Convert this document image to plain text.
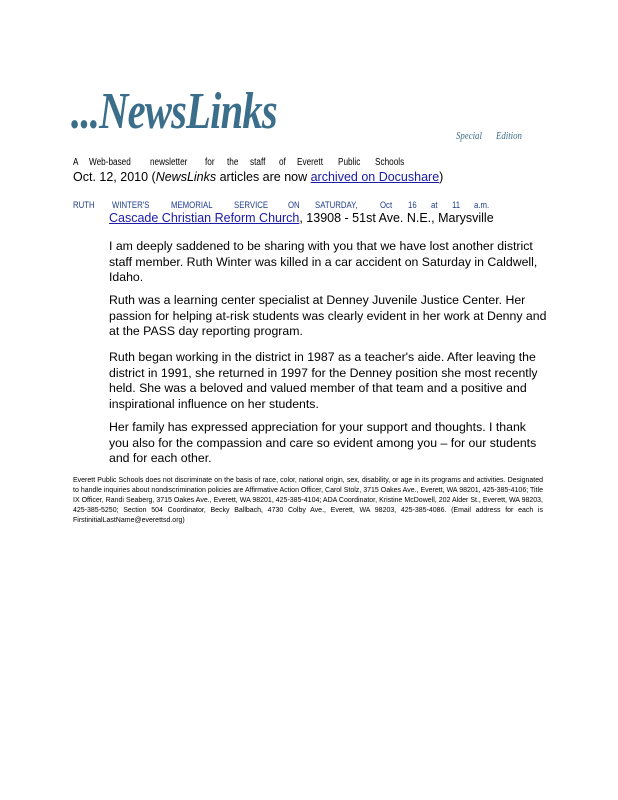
...NewsLinks	Special Edition
A Web-based newsletter for the staff of Everett Public Schools
Oct. 12, 2010 (NewsLinks articles are now archived on Docushare)
RUTH WINTER'S MEMORIAL SERVICE ON SATURDAY, Oct 16 at 11 a.m.
Cascade Christian Reform Church, 13908 - 51st Ave. N.E., Marysville

I am deeply saddened to be sharing with you that we have lost another district staff member. Ruth Winter was killed in a car accident on Saturday in Caldwell, Idaho.

Ruth was a learning center specialist at Denney Juvenile Justice Center. Her passion for helping at-risk students was clearly evident in her work at Denny and at the PASS day reporting program.

Ruth began working in the district in 1987 as a teacher's aide. After leaving the district in 1991, she returned in 1997 for the Denney position she most recently held. She was a beloved and valued member of that team and a positive and inspirational influence on her students.

Her family has expressed appreciation for your support and thoughts. I thank you also for the compassion and care so evident among you – for our students and for each other.

Everett Public Schools does not discriminate on the basis of race, color, national origin, sex, disability, or age in its programs and activities. Designated to handle inquiries about nondiscrimination policies are Affirmative Action Officer, Carol Stolz, 3715 Oakes Ave., Everett, WA 98201, 425-385-4106; Title IX Officer, Randi Seaberg, 3715 Oakes Ave., Everett, WA 98201, 425-385-4104; ADA Coordinator, Kristine McDowell, 202 Alder St., Everett, WA 98203, 425-385-5250; Section 504 Coordinator, Becky Ballbach, 4730 Colby Ave., Everett, WA 98203, 425-385-4086. (Email address for each is FirstinitialLastName@everettsd.org)
